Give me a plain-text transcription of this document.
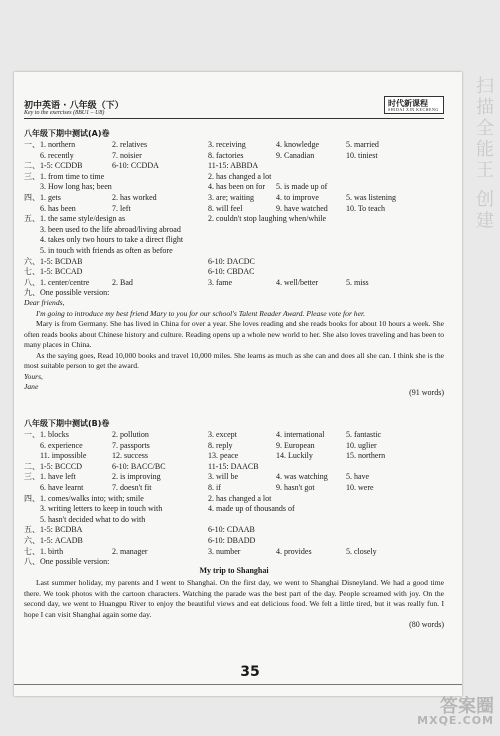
扫描全能王 创建
初中英语 · 八年级（下）
Key to the exercises (8BU1 – U8)
时代新课程
SHIDAI XIN KECHENG
八年级下期中测试(A)卷
一、1. northern	2. relatives	3. receiving	4. knowledge	5. married
6. recently	7. noisier	8. factories	9. Canadian	10. tiniest
二、1-5: CCDDB	6-10: CCDDA	11-15: ABBDA
三、1. from time to time	2. has changed a lot
3. How long has; been	4. has been on for 5. is made up of
四、1. gets	2. has worked	3. are; waiting	4. to improve	5. was listening
6. has been	7. left	8. will feel	9. have watched 10. To teach
五、1. the same style/design as	2. couldn't stop laughing when/while
3. been used to the life abroad/living abroad
4. takes only two hours to take a direct flight
5. in touch with friends as often as before
六、1-5: BCDAB	6-10: DACDC
七、1-5: BCCAD	6-10: CBDAC
八、1. center/centre	2. Bad	3. fame	4. well/better	5. miss
九、One possible version:

Dear friends,

I'm going to introduce my best friend Mary to you for our school's Talent Reader Award. Please vote for her.

Mary is from Germany. She has lived in China for over a year. She loves reading and she reads books for about 10 hours a week. She often reads books about Chinese history and culture. Reading opens up a whole new world to her. She also loves traveling and has been to many places in China.

As the saying goes, Read 10,000 books and travel 10,000 miles. She learns as much as she can and does all she can. I think she is the most suitable person to get the award.

Yours,

Jane

(91 words)
八年级下期中测试(B)卷
一、1. blocks	2. pollution	3. except	4. international	5. fantastic
6. experience	7. passports	8. reply	9. European	10. uglier
11. impossible	12. success	13. peace	14. Luckily	15. northern
二、1-5: BCCCD	6-10: BACC/BC	11-15: DAACB
三、1. have left	2. is improving	3. will be	4. was watching 5. have
6. have learnt	7. doesn't fit	8. if	9. hasn't got	10. were
四、1. comes/walks into; with; smile	2. has changed a lot
3. writing letters to keep in touch with	4. made up of thousands of
5. hasn't decided what to do with
五、1-5: BCDBA	6-10: CDAAB
六、1-5: ACADB	6-10: DBADD
七、1. birth	2. manager	3. number	4. provides	5. closely
八、One possible version:
My trip to Shanghai

Last summer holiday, my parents and I went to Shanghai. On the first day, we went to Shanghai Disneyland. We had a good time there. We took photos with the cartoon characters. Watching the parade was the best part of the day. People screamed with joy. On the second day, we went to Huangpu River to enjoy the beautiful views and eat delicious food. We felt a little tired, but it was really fun. I hope I can visit Shanghai again some day.

(80 words)
35
答案圈
MXQE.COM
